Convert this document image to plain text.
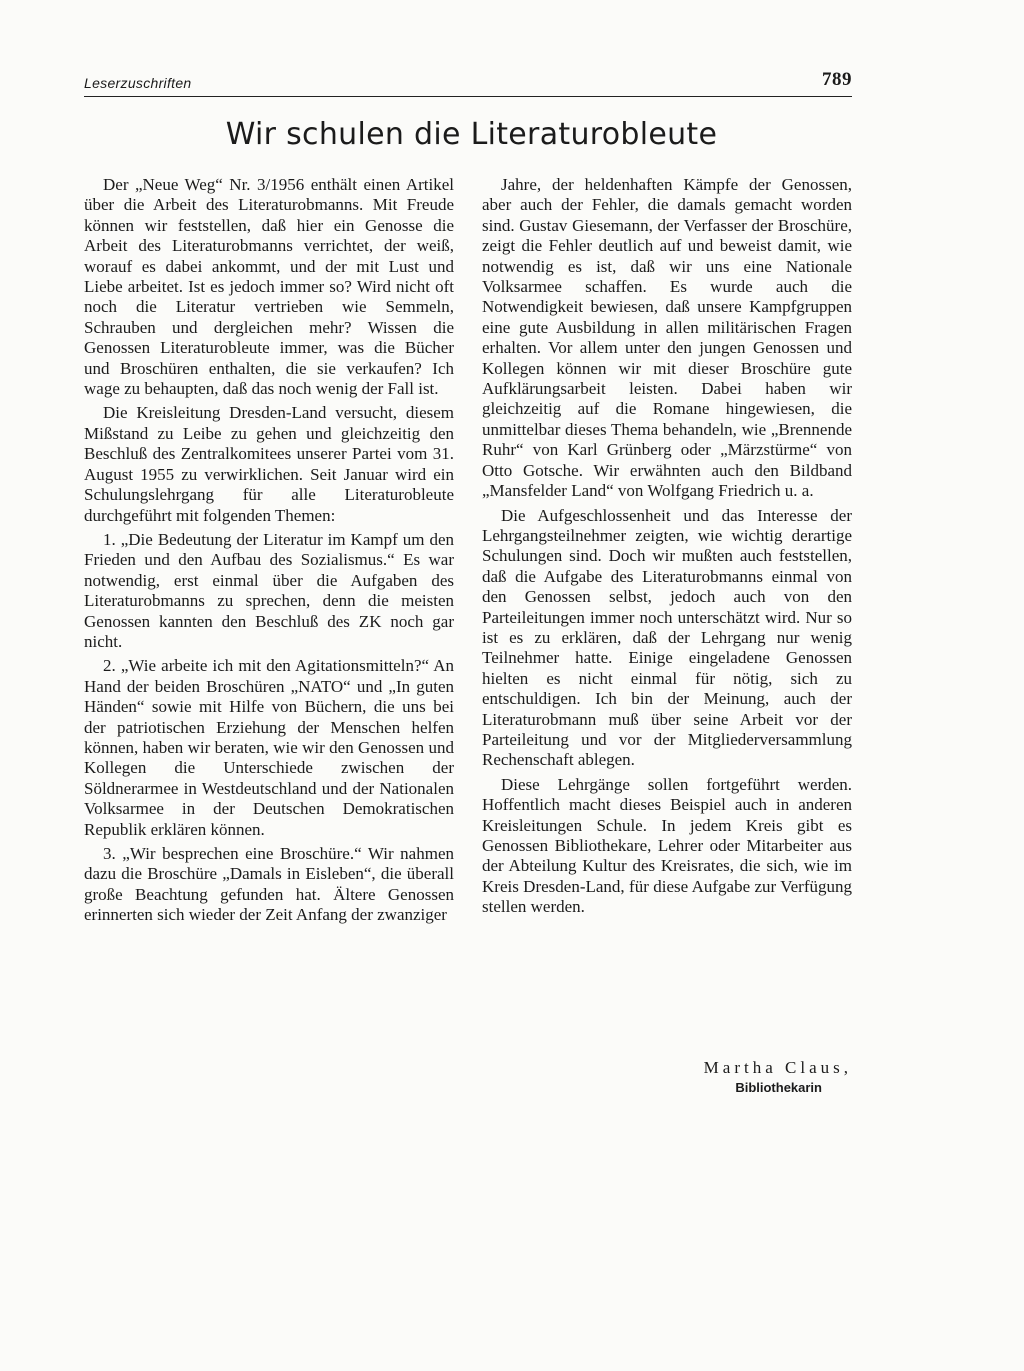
Leserzuschriften	789
Wir schulen die Literaturobleute

Der „Neue Weg“ Nr. 3/1956 enthält einen Artikel über die Arbeit des Literaturobmanns. Mit Freude können wir feststellen, daß hier ein Genosse die Arbeit des Literaturobmanns verrichtet, der weiß, worauf es dabei ankommt, und der mit Lust und Liebe arbeitet. Ist es jedoch immer so? Wird nicht oft noch die Literatur vertrieben wie Semmeln, Schrauben und dergleichen mehr? Wissen die Genossen Literaturobleute immer, was die Bücher und Broschüren enthalten, die sie verkaufen? Ich wage zu behaupten, daß das noch wenig der Fall ist.

Die Kreisleitung Dresden-Land versucht, diesem Mißstand zu Leibe zu gehen und gleichzeitig den Beschluß des Zentralkomitees unserer Partei vom 31. August 1955 zu verwirklichen. Seit Januar wird ein Schulungslehrgang für alle Literaturobleute durchgeführt mit folgenden Themen:

1. „Die Bedeutung der Literatur im Kampf um den Frieden und den Aufbau des Sozialismus.“ Es war notwendig, erst einmal über die Aufgaben des Literaturobmanns zu sprechen, denn die meisten Genossen kannten den Beschluß des ZK noch gar nicht.

2. „Wie arbeite ich mit den Agitationsmitteln?“ An Hand der beiden Broschüren „NATO“ und „In guten Händen“ sowie mit Hilfe von Büchern, die uns bei der patriotischen Erziehung der Menschen helfen können, haben wir beraten, wie wir den Genossen und Kollegen die Unterschiede zwischen der Söldnerarmee in Westdeutschland und der Nationalen Volksarmee in der Deutschen Demokratischen Republik erklären können.

3. „Wir besprechen eine Broschüre.“ Wir nahmen dazu die Broschüre „Damals in Eisleben“, die überall große Beachtung gefunden hat. Ältere Genossen erinnerten sich wieder der Zeit Anfang der zwanziger

Jahre, der heldenhaften Kämpfe der Genossen, aber auch der Fehler, die damals gemacht worden sind. Gustav Giesemann, der Verfasser der Broschüre, zeigt die Fehler deutlich auf und beweist damit, wie notwendig es ist, daß wir uns eine Nationale Volksarmee schaffen. Es wurde auch die Notwendigkeit bewiesen, daß unsere Kampfgruppen eine gute Ausbildung in allen militärischen Fragen erhalten. Vor allem unter den jungen Genossen und Kollegen können wir mit dieser Broschüre gute Aufklärungsarbeit leisten. Dabei haben wir gleichzeitig auf die Romane hingewiesen, die unmittelbar dieses Thema behandeln, wie „Brennende Ruhr“ von Karl Grünberg oder „Märzstürme“ von Otto Gotsche. Wir erwähnten auch den Bildband „Mansfelder Land“ von Wolfgang Friedrich u. a.

Die Aufgeschlossenheit und das Interesse der Lehrgangsteilnehmer zeigten, wie wichtig derartige Schulungen sind. Doch wir mußten auch feststellen, daß die Aufgabe des Literaturobmanns einmal von den Genossen selbst, jedoch auch von den Parteileitungen immer noch unterschätzt wird. Nur so ist es zu erklären, daß der Lehrgang nur wenig Teilnehmer hatte. Einige eingeladene Genossen hielten es nicht einmal für nötig, sich zu entschuldigen. Ich bin der Meinung, auch der Literaturobmann muß über seine Arbeit vor der Parteileitung und vor der Mitgliederversammlung Rechenschaft ablegen.

Diese Lehrgänge sollen fortgeführt werden. Hoffentlich macht dieses Beispiel auch in anderen Kreisleitungen Schule. In jedem Kreis gibt es Genossen Bibliothekare, Lehrer oder Mitarbeiter aus der Abteilung Kultur des Kreisrates, die sich, wie im Kreis Dresden-Land, für diese Aufgabe zur Verfügung stellen werden.

Martha Claus,
Bibliothekarin
